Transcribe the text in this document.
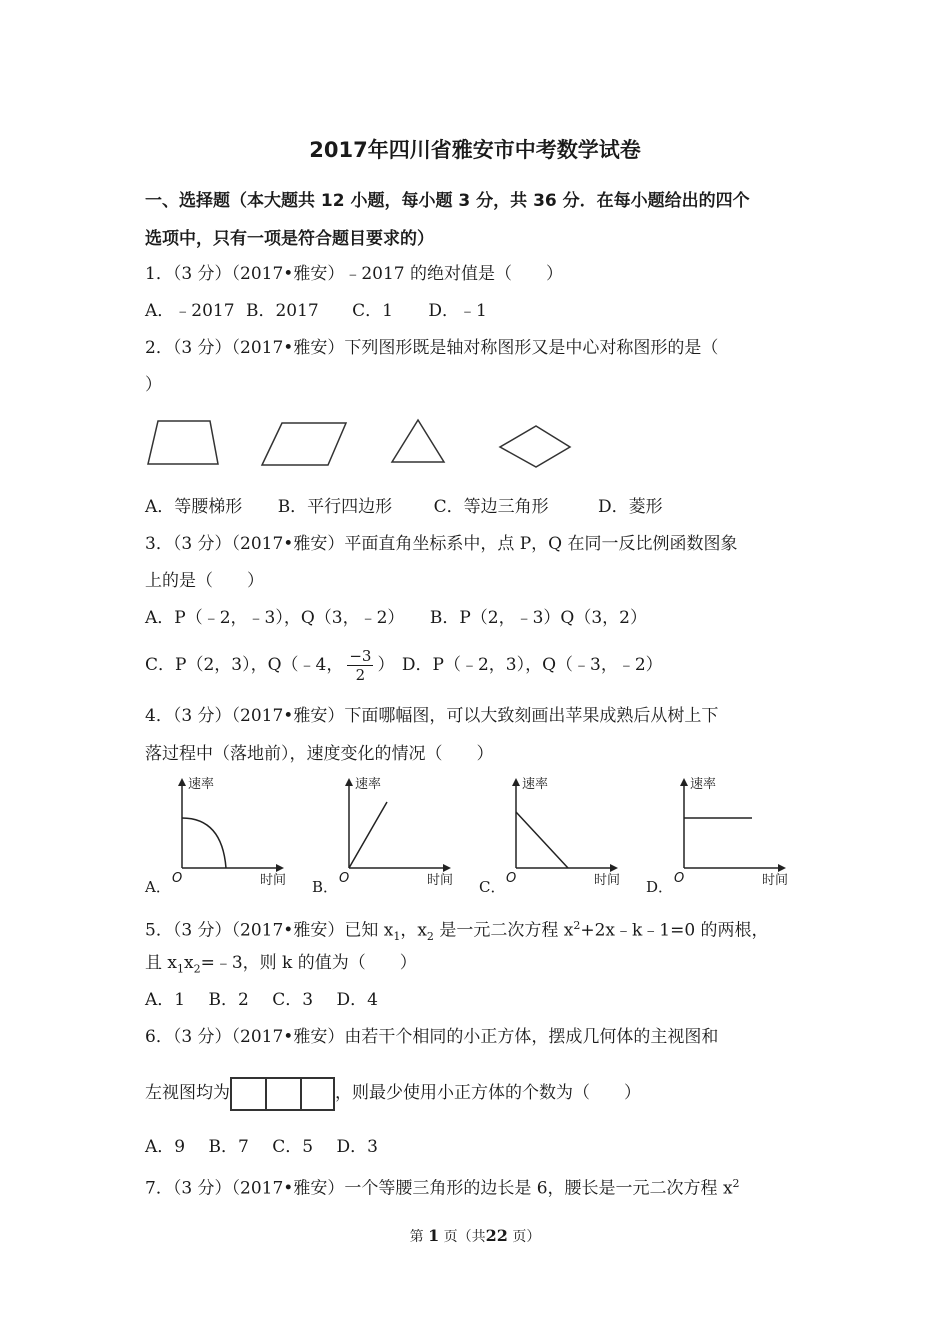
2017年四川省雅安市中考数学试卷
一、选择题（本大题共 12 小题，每小题 3 分，共 36 分．在每小题给出的四个
选项中，只有一项是符合题目要求的）
1．（3 分）（2017•雅安）﹣2017 的绝对值是（　　）
A．﹣2017 B．2017 C．1 D．﹣1
2．（3 分）（2017•雅安）下列图形既是轴对称图形又是中心对称图形的是（
）
A．等腰梯形 B．平行四边形 C．等边三角形	D．菱形
3．（3 分）（2017•雅安）平面直角坐标系中，点 P，Q 在同一反比例函数图象
上的是（　　）
A．P（﹣2，﹣3），Q（3，﹣2） B．P（2，﹣3）Q（3，2）
C．P（2，3），Q（﹣4， $\frac{-3}{2}$ ） D．P（﹣2，3），Q（﹣3，﹣2）
4．（3 分）（2017•雅安）下面哪幅图，可以大致刻画出苹果成熟后从树上下
落过程中（落地前），速度变化的情况（　　）
A．	B．	C．	D．
速率
O	时间
速率
O	时间
速率
O	时间
速率
O	时间
5．（3 分）（2017•雅安）已知 $x_1$，$x_2$ 是一元二次方程 $x^2+2x﹣k﹣1=0$ 的两根，
且 $x_1x_2=﹣3$，则 k 的值为（　　）
A．1 B．2 C．3 D．4
6．（3 分）（2017•雅安）由若干个相同的小正方体，摆成几何体的主视图和
左视图均为	，则最少使用小正方体的个数为（　　）
A．9 B．7 C．5 D．3
7．（3 分）（2017•雅安）一个等腰三角形的边长是 6，腰长是一元二次方程 $x^2$
第 1 页（共22 页）
